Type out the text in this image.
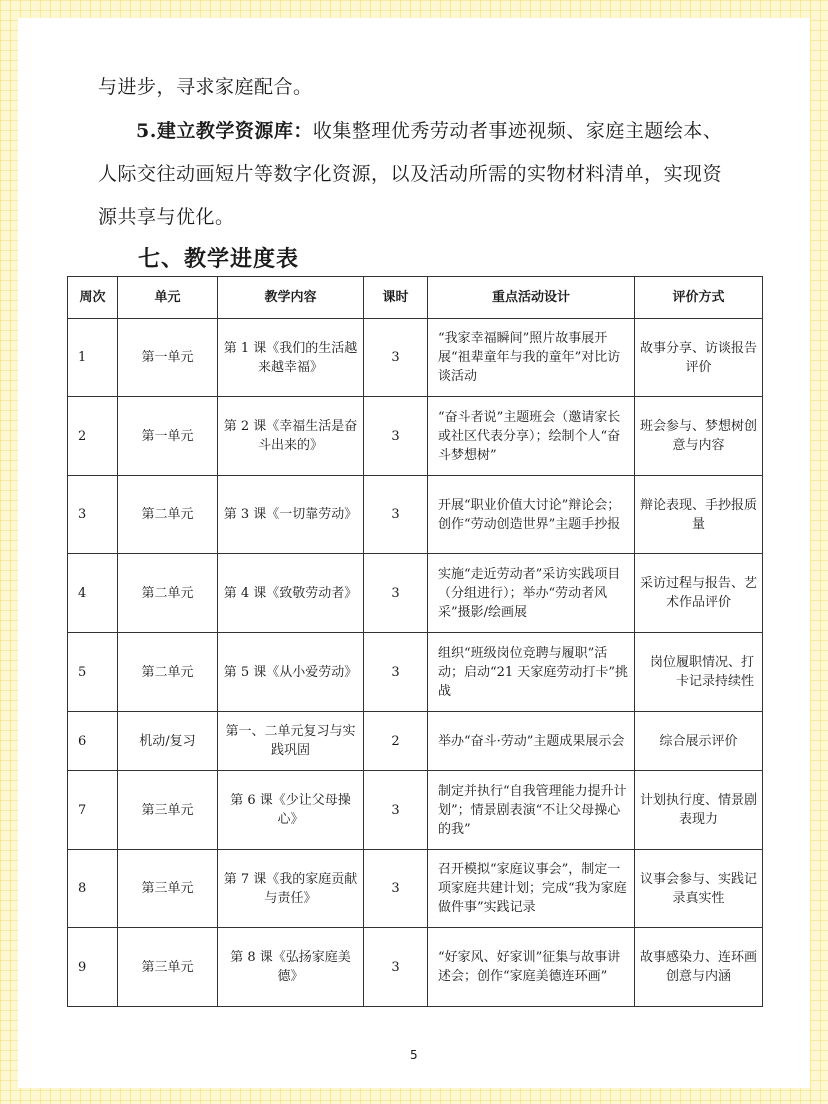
与进步，寻求家庭配合。

5.建立教学资源库：收集整理优秀劳动者事迹视频、家庭主题绘本、

人际交往动画短片等数字化资源，以及活动所需的实物材料清单，实现资

源共享与优化。

七、教学进度表
周次	单元	教学内容	课时	重点活动设计	评价方式
1	第一单元	第 1 课《我们的生活越来越幸福》	3	“我家幸福瞬间”照片故事展开展“祖辈童年与我的童年”对比访谈活动	故事分享、访谈报告评价
2	第一单元	第 2 课《幸福生活是奋斗出来的》	3	“奋斗者说”主题班会（邀请家长或社区代表分享）；绘制个人“奋斗梦想树”	班会参与、梦想树创意与内容
3	第二单元	第 3 课《一切靠劳动》	3	开展“职业价值大讨论”辩论会；创作“劳动创造世界”主题手抄报	辩论表现、手抄报质量
4	第二单元	第 4 课《致敬劳动者》	3	实施“走近劳动者”采访实践项目（分组进行）；举办“劳动者风采”摄影/绘画展	采访过程与报告、艺术作品评价
5	第二单元	第 5 课《从小爱劳动》	3	组织“班级岗位竞聘与履职”活动；启动“21 天家庭劳动打卡”挑战	岗位履职情况、打卡记录持续性
6	机动/复习	第一、二单元复习与实践巩固	2	举办“奋斗·劳动”主题成果展示会	综合展示评价
7	第三单元	第 6 课《少让父母操心》	3	制定并执行“自我管理能力提升计划”；情景剧表演“不让父母操心的我”	计划执行度、情景剧表现力
8	第三单元	第 7 课《我的家庭贡献与责任》	3	召开模拟“家庭议事会”，制定一项家庭共建计划；完成“我为家庭做件事”实践记录	议事会参与、实践记录真实性
9	第三单元	第 8 课《弘扬家庭美德》	3	“好家风、好家训”征集与故事讲述会；创作“家庭美德连环画”	故事感染力、连环画创意与内涵
5
